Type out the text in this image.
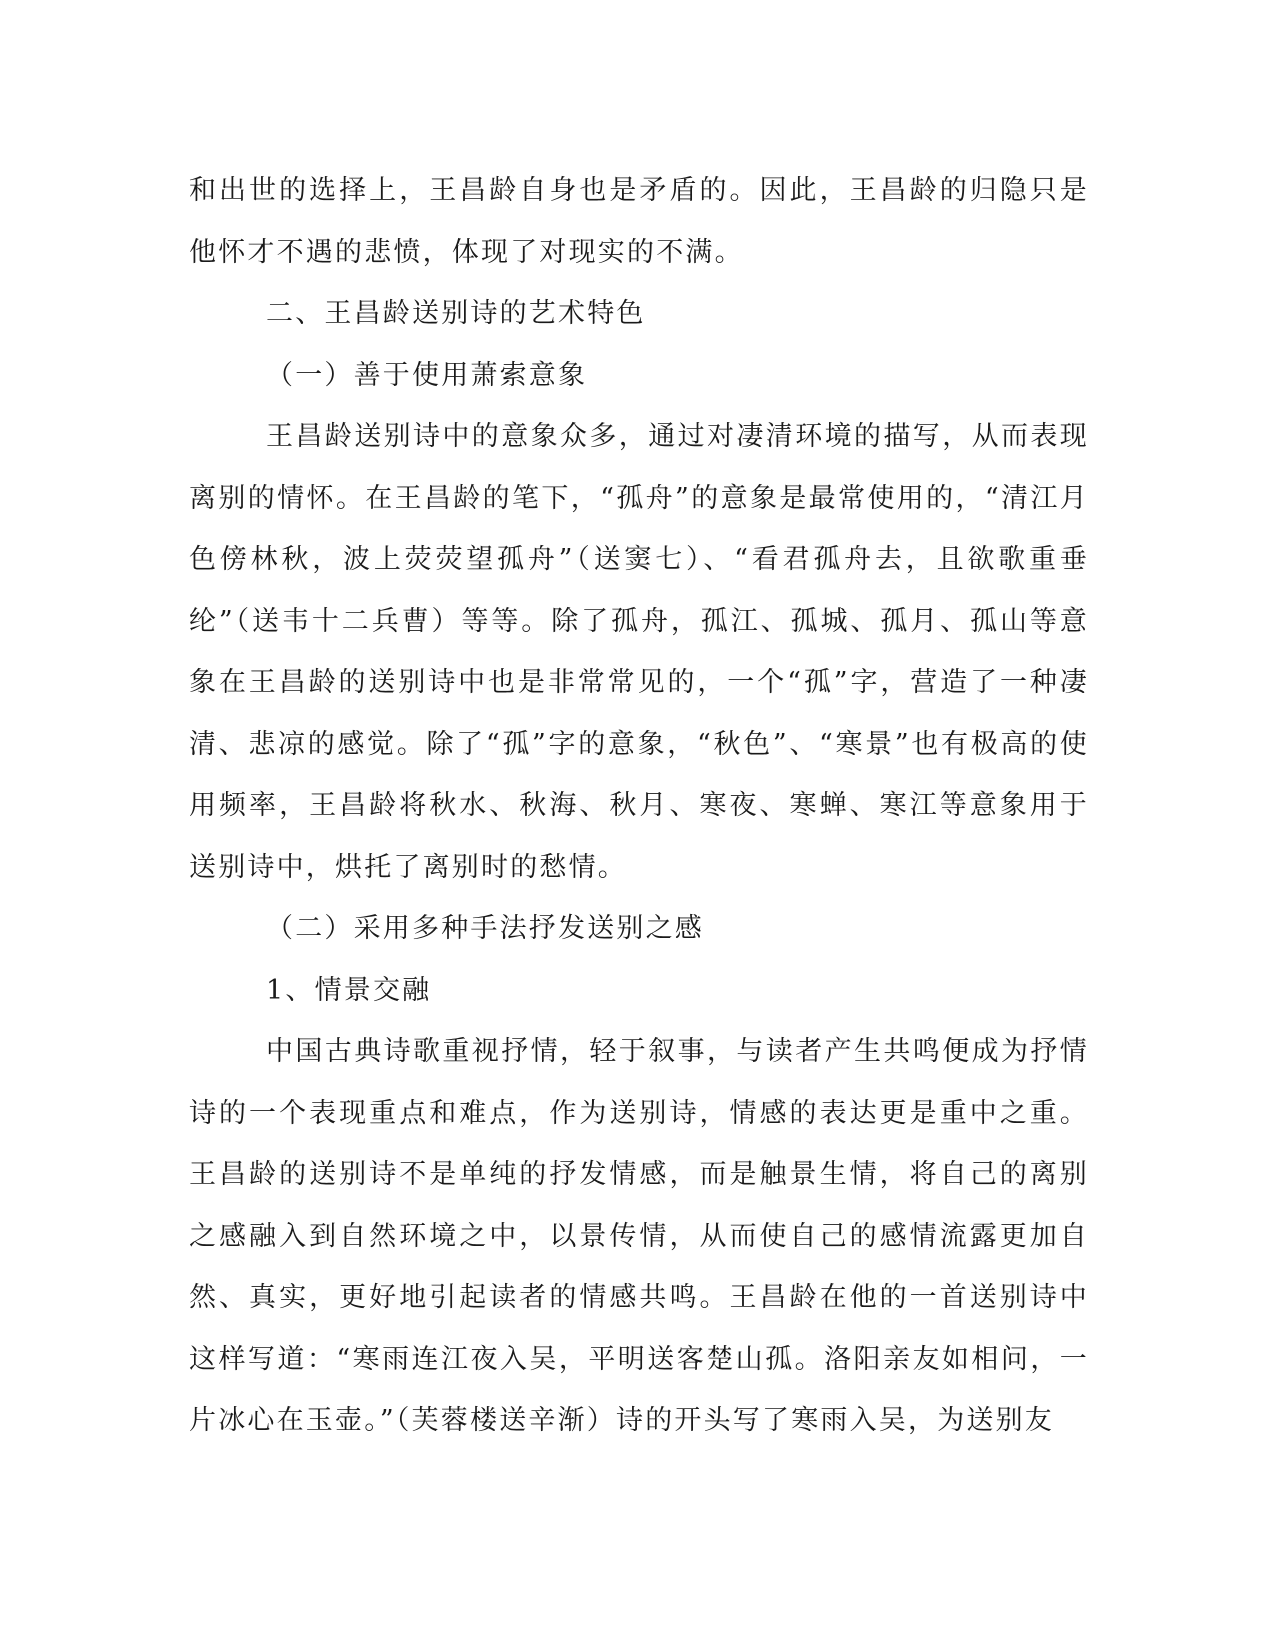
和出世的选择上，王昌龄自身也是矛盾的。因此，王昌龄的归隐只是他怀才不遇的悲愤，体现了对现实的不满。

二、王昌龄送别诗的艺术特色

（一）善于使用萧索意象

王昌龄送别诗中的意象众多，通过对凄清环境的描写，从而表现离别的情怀。在王昌龄的笔下，“孤舟”的意象是最常使用的，“清江月色傍林秋，波上荧荧望孤舟”（送窦七）、“看君孤舟去，且欲歌重垂纶”（送韦十二兵曹）等等。除了孤舟，孤江、孤城、孤月、孤山等意象在王昌龄的送别诗中也是非常常见的，一个“孤”字，营造了一种凄清、悲凉的感觉。除了“孤”字的意象，“秋色”、“寒景”也有极高的使用频率，王昌龄将秋水、秋海、秋月、寒夜、寒蝉、寒江等意象用于送别诗中，烘托了离别时的愁情。

（二）采用多种手法抒发送别之感

1、情景交融

中国古典诗歌重视抒情，轻于叙事，与读者产生共鸣便成为抒情诗的一个表现重点和难点，作为送别诗，情感的表达更是重中之重。王昌龄的送别诗不是单纯的抒发情感，而是触景生情，将自己的离别之感融入到自然环境之中，以景传情，从而使自己的感情流露更加自然、真实，更好地引起读者的情感共鸣。王昌龄在他的一首送别诗中这样写道：“寒雨连江夜入吴，平明送客楚山孤。洛阳亲友如相问，一片冰心在玉壶。”（芙蓉楼送辛渐）诗的开头写了寒雨入吴，为送别友
